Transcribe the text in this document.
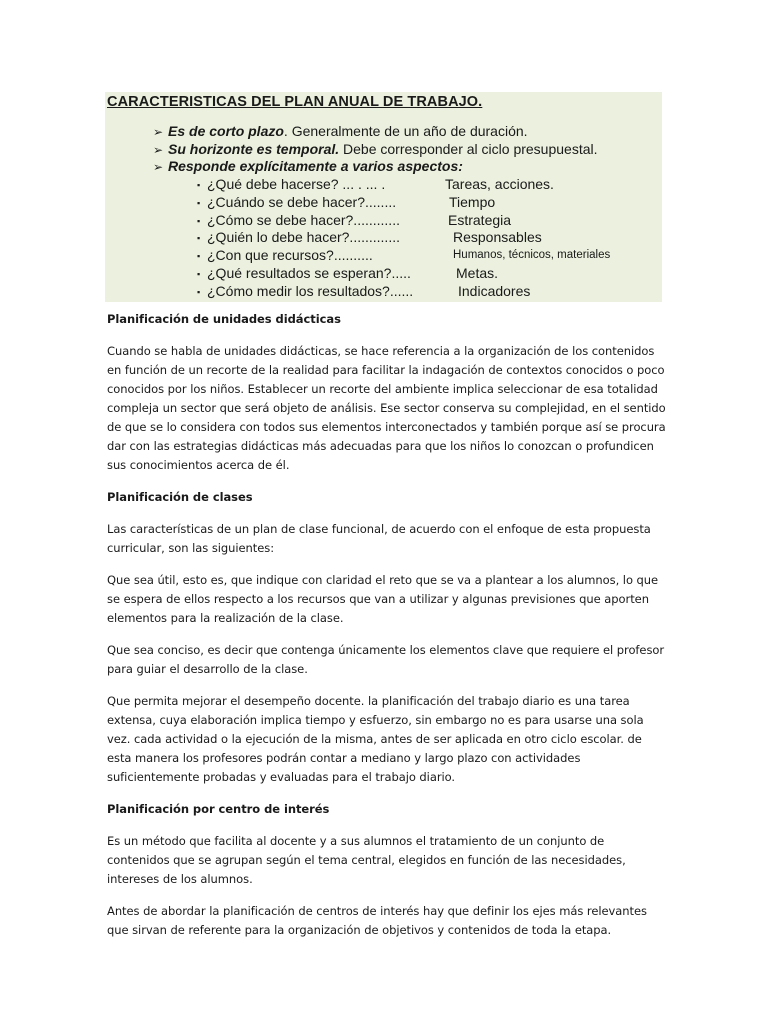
CARACTERISTICAS DEL PLAN ANUAL DE TRABAJO.
➢ Es de corto plazo. Generalmente de un año de duración.
➢ Su horizonte es temporal. Debe corresponder al ciclo presupuestal.
➢ Responde explícitamente a varios aspectos:
▪ ¿Qué debe hacerse? ... . ... .	Tareas, acciones.
▪ ¿Cuándo se debe hacer?........	Tiempo
▪ ¿Cómo se debe hacer?............	Estrategia
▪ ¿Quién lo debe hacer?.............	Responsables
▪ ¿Con que recursos?..........	Humanos, técnicos, materiales
▪ ¿Qué resultados se esperan?.....	Metas.
▪ ¿Cómo medir los resultados?......	Indicadores

Planificación de unidades didácticas

Cuando se habla de unidades didácticas, se hace referencia a la organización de los contenidos en función de un recorte de la realidad para facilitar la indagación de contextos conocidos o poco conocidos por los niños. Establecer un recorte del ambiente implica seleccionar de esa totalidad compleja un sector que será objeto de análisis. Ese sector conserva su complejidad, en el sentido de que se lo considera con todos sus elementos interconectados y también porque así se procura dar con las estrategias didácticas más adecuadas para que los niños lo conozcan o profundicen sus conocimientos acerca de él.

Planificación de clases

Las características de un plan de clase funcional, de acuerdo con el enfoque de esta propuesta curricular, son las siguientes:

Que sea útil, esto es, que indique con claridad el reto que se va a plantear a los alumnos, lo que se espera de ellos respecto a los recursos que van a utilizar y algunas previsiones que aporten elementos para la realización de la clase.

Que sea conciso, es decir que contenga únicamente los elementos clave que requiere el profesor para guiar el desarrollo de la clase.

Que permita mejorar el desempeño docente. la planificación del trabajo diario es una tarea extensa, cuya elaboración implica tiempo y esfuerzo, sin embargo no es para usarse una sola vez. cada actividad o la ejecución de la misma, antes de ser aplicada en otro ciclo escolar. de esta manera los profesores podrán contar a mediano y largo plazo con actividades suficientemente probadas y evaluadas para el trabajo diario.

Planificación por centro de interés

Es un método que facilita al docente y a sus alumnos el tratamiento de un conjunto de contenidos que se agrupan según el tema central, elegidos en función de las necesidades, intereses de los alumnos.

Antes de abordar la planificación de centros de interés hay que definir los ejes más relevantes que sirvan de referente para la organización de objetivos y contenidos de toda la etapa.
